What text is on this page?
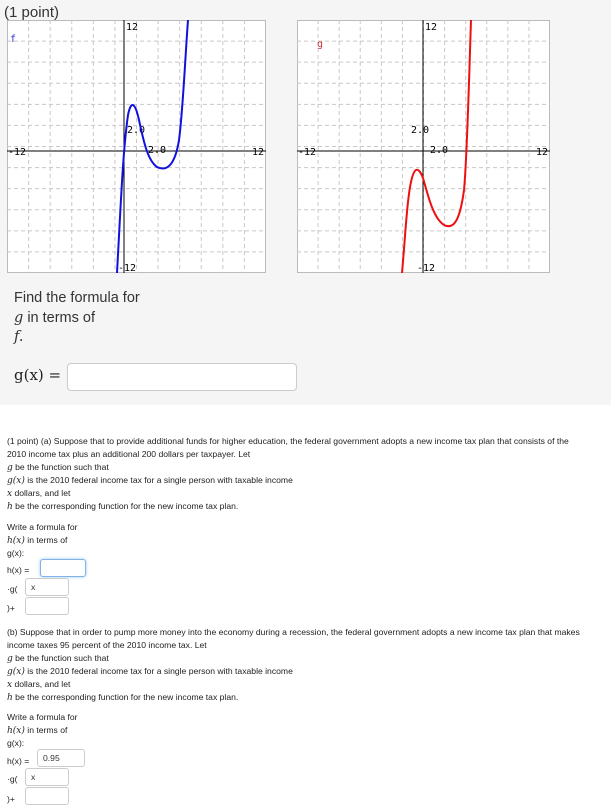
(1 point)
12
-12	12
-12
2.0
2.0
f
12
-12	12
-12
2.0
2.0
g
Find the formula for
g in terms of
f.
g(x) =
(1 point) (a) Suppose that to provide additional funds for higher education, the federal government adopts a new income tax plan that consists of the
2010 income tax plus an additional 200 dollars per taxpayer. Let
g be the function such that
g(x) is the 2010 federal income tax for a single person with taxable income
x dollars, and let
h be the corresponding function for the new income tax plan.
Write a formula for
h(x) in terms of
g(x):
h(x) =
·g(	x
)+
(b) Suppose that in order to pump more money into the economy during a recession, the federal government adopts a new income tax plan that makes
income taxes 95 percent of the 2010 income tax. Let
g be the function such that
g(x) is the 2010 federal income tax for a single person with taxable income
x dollars, and let
h be the corresponding function for the new income tax plan.
Write a formula for
h(x) in terms of
g(x):
h(x) =	0.95
·g(	x
)+
